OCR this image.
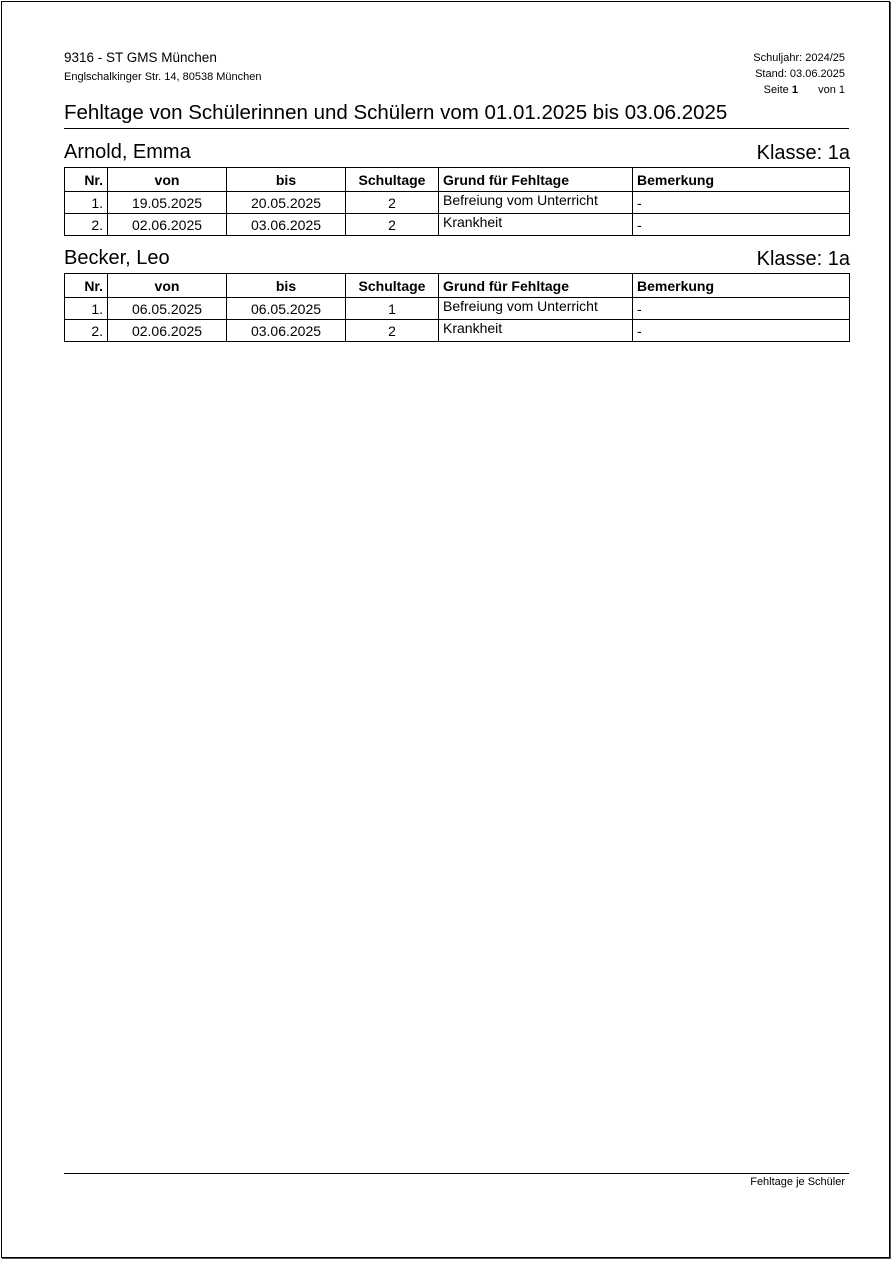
9316 - ST GMS München
Englschalkinger Str. 14, 80538 München
Schuljahr: 2024/25
Stand: 03.06.2025
Seite 1 von 1
Fehltage von Schülerinnen und Schülern vom 01.01.2025 bis 03.06.2025
Arnold, Emma	Klasse: 1a
Nr.	von	bis	Schultage	Grund für Fehltage	Bemerkung
1.	19.05.2025	20.05.2025	2	Befreiung vom Unterricht	-
2.	02.06.2025	03.06.2025	2	Krankheit	-
Becker, Leo	Klasse: 1a
Nr.	von	bis	Schultage	Grund für Fehltage	Bemerkung
1.	06.05.2025	06.05.2025	1	Befreiung vom Unterricht	-
2.	02.06.2025	03.06.2025	2	Krankheit	-
Fehltage je Schüler
